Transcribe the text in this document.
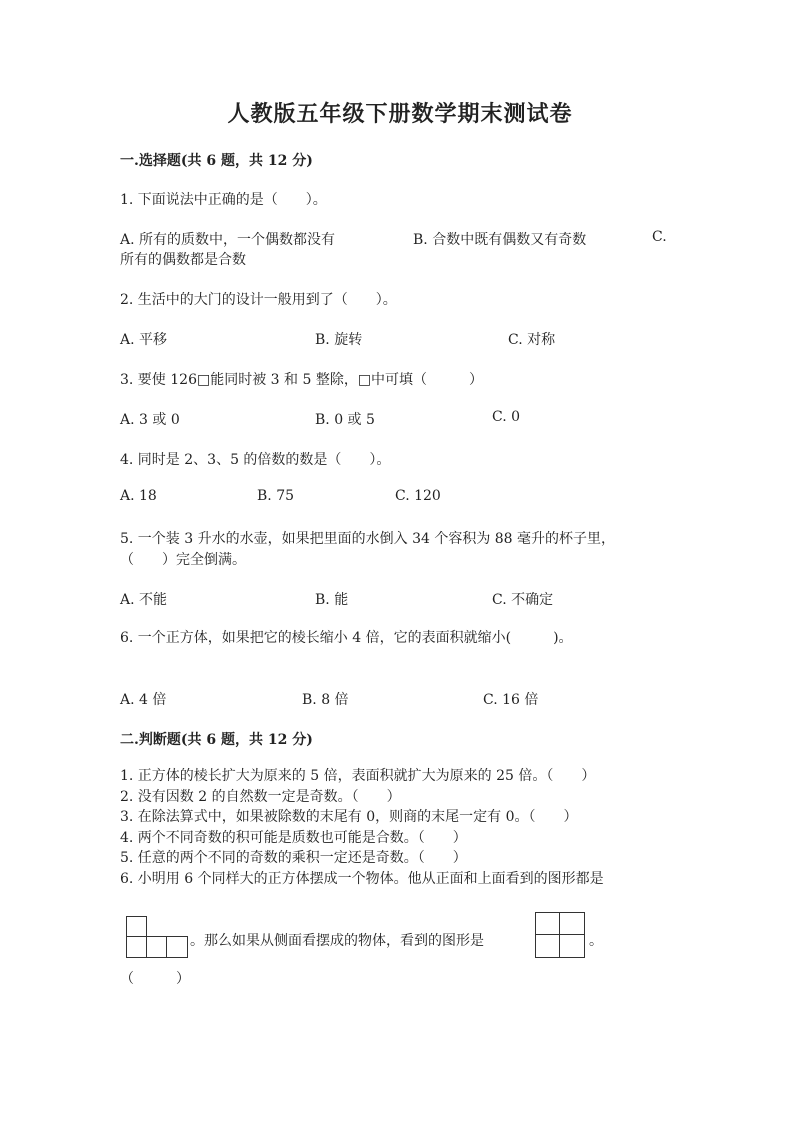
人教版五年级下册数学期末测试卷
一.选择题(共 6 题，共 12 分)
1. 下面说法中正确的是（　　）。
A. 所有的质数中，一个偶数都没有	B. 合数中既有偶数又有奇数	C.
所有的偶数都是合数
2. 生活中的大门的设计一般用到了（　　）。
A. 平移	B. 旋转	C. 对称
3. 要使 126□能同时被 3 和 5 整除，□中可填（　　　）
A. 3 或 0	B. 0 或 5	C. 0
4. 同时是 2、3、5 的倍数的数是（　　）。
A. 18	B. 75	C. 120
5. 一个装 3 升水的水壶，如果把里面的水倒入 34 个容积为 88 毫升的杯子里，
（　　）完全倒满。
A. 不能	B. 能	C. 不确定
6. 一个正方体，如果把它的棱长缩小 4 倍，它的表面积就缩小(　　　)。
A. 4 倍	B. 8 倍	C. 16 倍
二.判断题(共 6 题，共 12 分)
1. 正方体的棱长扩大为原来的 5 倍，表面积就扩大为原来的 25 倍。（　　）
2. 没有因数 2 的自然数一定是奇数。（　　）
3. 在除法算式中，如果被除数的末尾有 0，则商的末尾一定有 0。（　　）
4. 两个不同奇数的积可能是质数也可能是合数。（　　）
5. 任意的两个不同的奇数的乘积一定还是奇数。（　　）
6. 小明用 6 个同样大的正方体摆成一个物体。他从正面和上面看到的图形都是
。那么如果从侧面看摆成的物体，看到的图形是	。
（　　　）
